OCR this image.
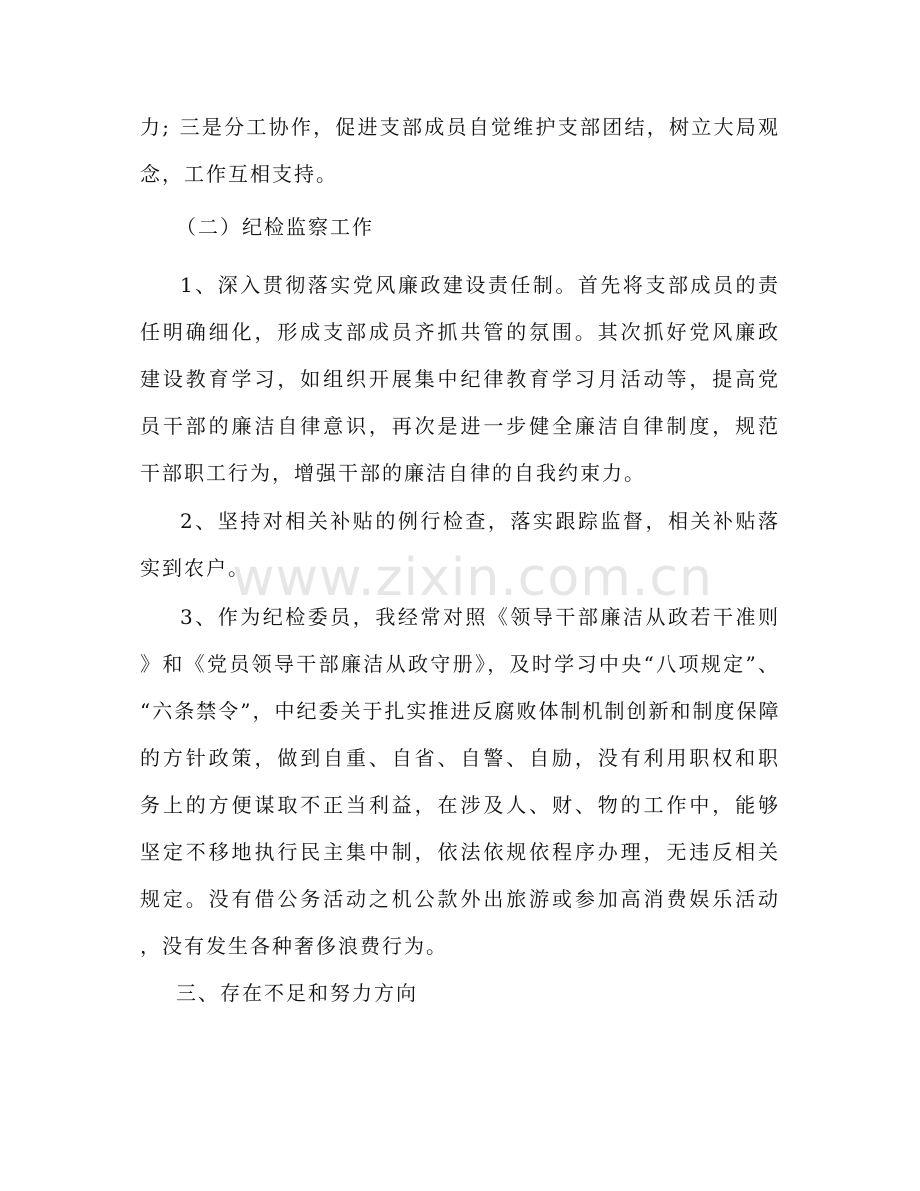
www.zixin.com.cn
力; 三是分工协作，促进支部成员自觉维护支部团结，树立大局观
念，工作互相支持。
（二）纪检监察工作
1、深入贯彻落实党风廉政建设责任制。首先将支部成员的责
任明确细化，形成支部成员齐抓共管的氛围。其次抓好党风廉政
建设教育学习，如组织开展集中纪律教育学习月活动等，提高党
员干部的廉洁自律意识，再次是进一步健全廉洁自律制度，规范
干部职工行为，增强干部的廉洁自律的自我约束力。
2、坚持对相关补贴的例行检查，落实跟踪监督，相关补贴落
实到农户。
3、作为纪检委员，我经常对照《领导干部廉洁从政若干准则
》和《党员领导干部廉洁从政守册》，及时学习中央“八项规定”、
“六条禁令”，中纪委关于扎实推进反腐败体制机制创新和制度保障
的方针政策，做到自重、自省、自警、自励，没有利用职权和职
务上的方便谋取不正当利益，在涉及人、财、物的工作中，能够
坚定不移地执行民主集中制，依法依规依程序办理，无违反相关
规定。没有借公务活动之机公款外出旅游或参加高消费娱乐活动
，没有发生各种奢侈浪费行为。
三、存在不足和努力方向
